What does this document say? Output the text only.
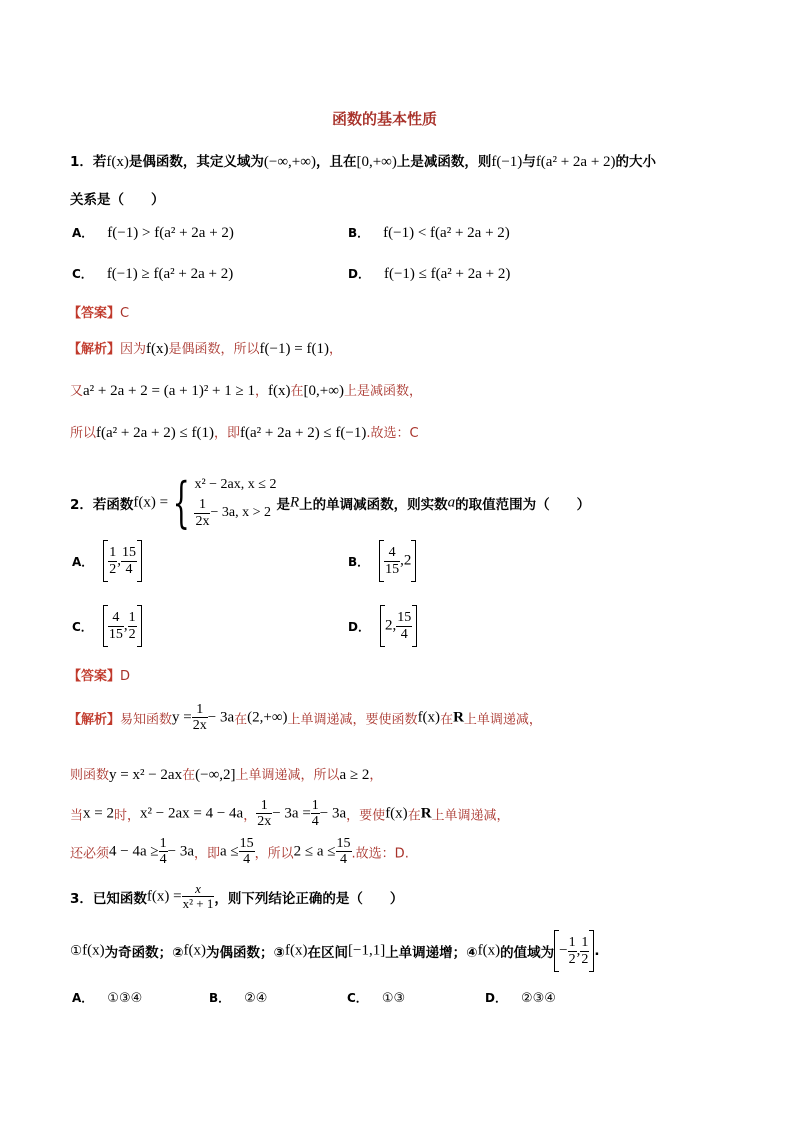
函数的基本性质
1．若f(x)是偶函数，其定义域为(−∞,+∞)，且在[0,+∞)上是减函数，则f(−1)与f(a² + 2a + 2)的大小
关系是（　　）
A． f(−1) > f(a² + 2a + 2)	B． f(−1) < f(a² + 2a + 2)
C． f(−1) ≥ f(a² + 2a + 2)	D． f(−1) ≤ f(a² + 2a + 2)
【答案】C
【解析】因为f(x)是偶函数，所以f(−1) = f(1)，
又a² + 2a + 2 = (a + 1)² + 1 ≥ 1，f(x)在[0,+∞)上是减函数，
所以f(a² + 2a + 2) ≤ f(1)，即f(a² + 2a + 2) ≤ f(−1).故选：C
2．若函数f(x) ={ x² − 2ax, x ≤ 2
$\frac{1}{2x} - 3a$, x > 2 是R上的单调减函数，则实数a的取值范围为（　　）
A． $\frac{1}{2}$ , $\frac{15}{4}$	B． $\frac{4}{15} ,2$
C． $\frac{4}{15}$ , $\frac{1}{2}$	D． 2, $\frac{15}{4}$
【答案】D
【解析】易知函数$y = \frac{1}{2x} - 3a$在(2,+∞)上单调递减，要使函数f(x)在R上单调递减，
则函数y = x² − 2ax在(−∞,2]上单调递减，所以a ≥ 2，
当x = 2时，x² − 2ax = 4 − 4a， $\frac{1}{2x} - 3a = \frac{1}{4} - 3a$，要使f(x)在R上单调递减，
还必须$4 - 4a \ge \frac{1}{4} - 3a$，即$a \le \frac{15}{4}$ ，所以$2 \le a \le \frac{15}{4}$ .故选：D.
3．已知函数$f(x) = \frac{x}{\text{x² + 1}}$ ，则下列结论正确的是（　　）
①f(x)为奇函数；②f(x)为偶函数；③f(x)在区间[−1,1]上单调递增；④f(x)的值域为 − $\frac{1}{2}$ , $\frac{1}{2}$ .
A． ①③④	B． ②④	C． ①③	D． ②③④
